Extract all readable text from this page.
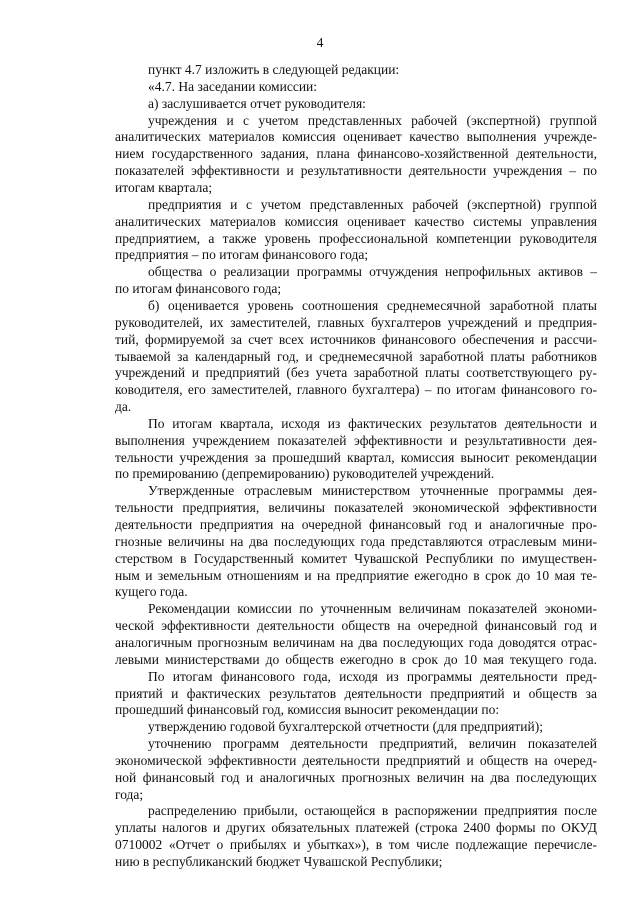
4
пункт 4.7 изложить в следующей редакции:
«4.7. На заседании комиссии:
а) заслушивается отчет руководителя:
учреждения и с учетом представленных рабочей (экспертной) группой
аналитических материалов комиссия оценивает качество выполнения учрежде-
нием государственного задания, плана финансово-хозяйственной деятельности,
показателей эффективности и результативности деятельности учреждения – по
итогам квартала;
предприятия и с учетом представленных рабочей (экспертной) группой
аналитических материалов комиссия оценивает качество системы управления
предприятием, а также уровень профессиональной компетенции руководителя
предприятия – по итогам финансового года;
общества о реализации программы отчуждения непрофильных активов –
по итогам финансового года;
б) оценивается уровень соотношения среднемесячной заработной платы
руководителей, их заместителей, главных бухгалтеров учреждений и предприя-
тий, формируемой за счет всех источников финансового обеспечения и рассчи-
тываемой за календарный год, и среднемесячной заработной платы работников
учреждений и предприятий (без учета заработной платы соответствующего ру-
ководителя, его заместителей, главного бухгалтера) – по итогам финансового го-
да.
По итогам квартала, исходя из фактических результатов деятельности и
выполнения учреждением показателей эффективности и результативности дея-
тельности учреждения за прошедший квартал, комиссия выносит рекомендации
по премированию (депремированию) руководителей учреждений.
Утвержденные отраслевым министерством уточненные программы дея-
тельности предприятия, величины показателей экономической эффективности
деятельности предприятия на очередной финансовый год и аналогичные про-
гнозные величины на два последующих года представляются отраслевым мини-
стерством в Государственный комитет Чувашской Республики по имуществен-
ным и земельным отношениям и на предприятие ежегодно в срок до 10 мая те-
кущего года.
Рекомендации комиссии по уточненным величинам показателей экономи-
ческой эффективности деятельности обществ на очередной финансовый год и
аналогичным прогнозным величинам на два последующих года доводятся отрас-
левыми министерствами до обществ ежегодно в срок до 10 мая текущего года.
По итогам финансового года, исходя из программы деятельности пред-
приятий и фактических результатов деятельности предприятий и обществ за
прошедший финансовый год, комиссия выносит рекомендации по:
утверждению годовой бухгалтерской отчетности (для предприятий);
уточнению программ деятельности предприятий, величин показателей
экономической эффективности деятельности предприятий и обществ на очеред-
ной финансовый год и аналогичных прогнозных величин на два последующих
года;
распределению прибыли, остающейся в распоряжении предприятия после
уплаты налогов и других обязательных платежей (строка 2400 формы по ОКУД
0710002 «Отчет о прибылях и убытках»), в том числе подлежащие перечисле-
нию в республиканский бюджет Чувашской Республики;
